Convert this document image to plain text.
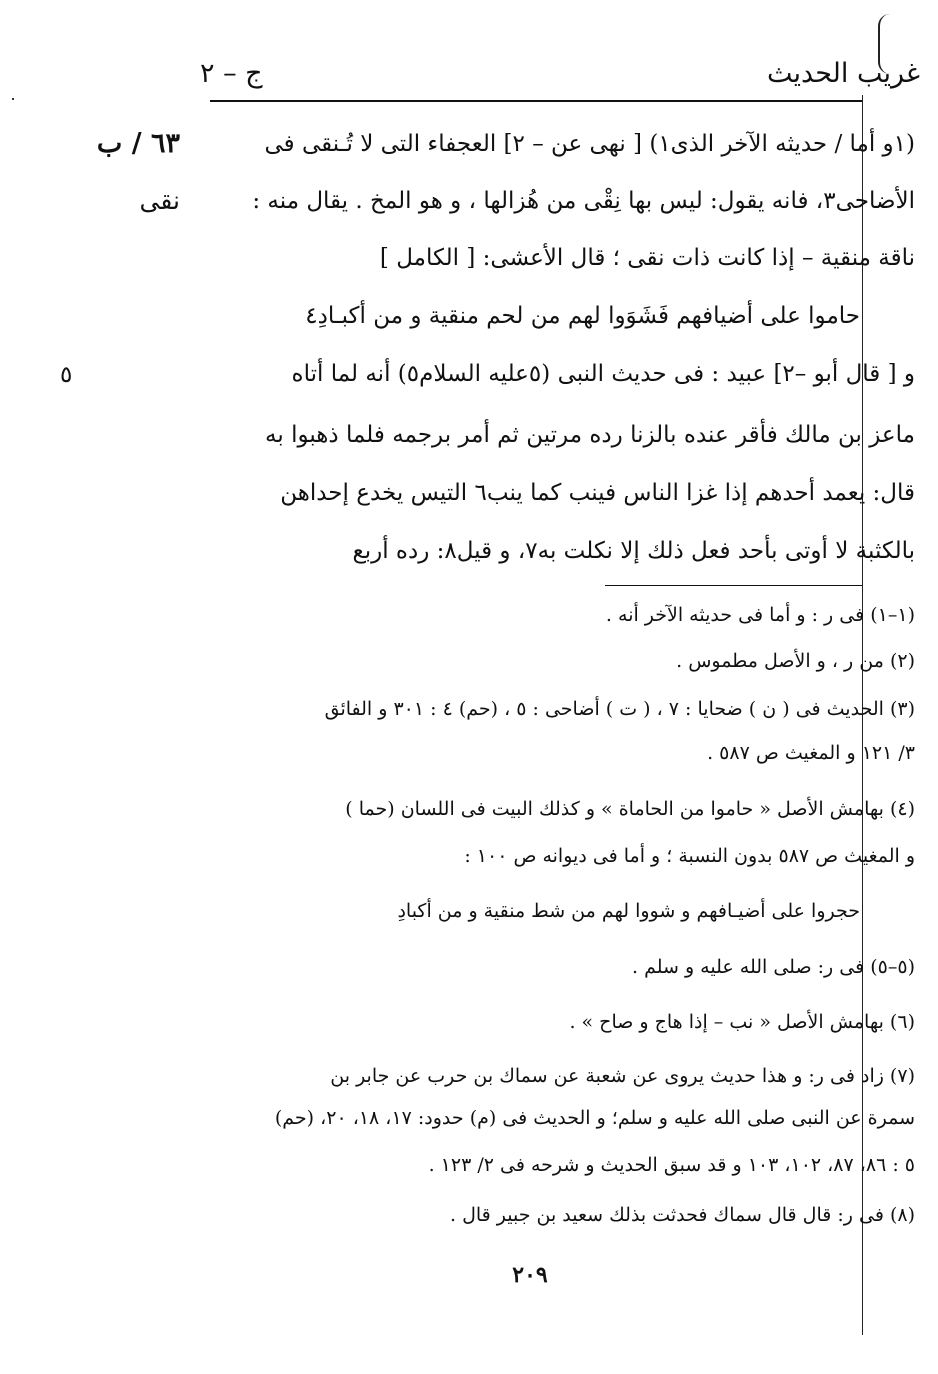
غريب الحديث
ج – ٢
٦٣ / ب
نقى
٥
(١و أما / حديثه الآخر الذى١) [ نهى عن – ٢] العجفاء التى لا تُـنقى فى
الأضاحى٣، فانه يقول: ليس بها نِقْى من هُزالها ، و هو المخ . يقال منه :
ناقة منقية – إذا كانت ذات نقى ؛ قال الأعشى: [ الكامل ]
حاموا على أضيافهم فَشَوَوا لهم من لحم منقية و من أكبـادِ٤
و [ قال أبو –٢] عبيد : فى حديث النبى (٥عليه السلام٥) أنه لما أتاه
ماعز بن مالك فأقر عنده بالزنا رده مرتين ثم أمر برجمه فلما ذهبوا به
قال: يعمد أحدهم إذا غزا الناس فينب كما ينب٦ التيس يخدع إحداهن
بالكثبة لا أوتى بأحد فعل ذلك إلا نكلت به٧، و قيل٨: رده أربع
(١–١) فى ر : و أما فى حديثه الآخر أنه .
(٢) من ر ، و الأصل مطموس .
(٣) الحديث فى ( ن ) ضحايا : ٧ ، ( ت ) أضاحى : ٥ ، (حم) ٤ : ٣٠١ و الفائق
٣/ ١٢١ و المغيث ص ٥٨٧ .
(٤) بهامش الأصل « حاموا من الحاماة » و كذلك البيت فى اللسان (حما )
و المغيث ص ٥٨٧ بدون النسبة ؛ و أما فى ديوانه ص ١٠٠ :
حجروا على أضيـافهم و شووا لهم من شط منقية و من أكبادِ
(٥–٥) فى ر: صلى الله عليه و سلم .
(٦) بهامش الأصل « نب – إذا هاج و صاح » .
(٧) زاد فى ر: و هذا حديث يروى عن شعبة عن سماك بن حرب عن جابر بن
سمرة عن النبى صلى الله عليه و سلم؛ و الحديث فى (م) حدود: ١٧، ١٨، ٢٠، (حم)
٥ : ٨٦، ٨٧، ١٠٢، ١٠٣ و قد سبق الحديث و شرحه فى ٢/ ١٢٣ .
(٨) فى ر: قال قال سماك فحدثت بذلك سعيد بن جبير قال .
٢٠٩
